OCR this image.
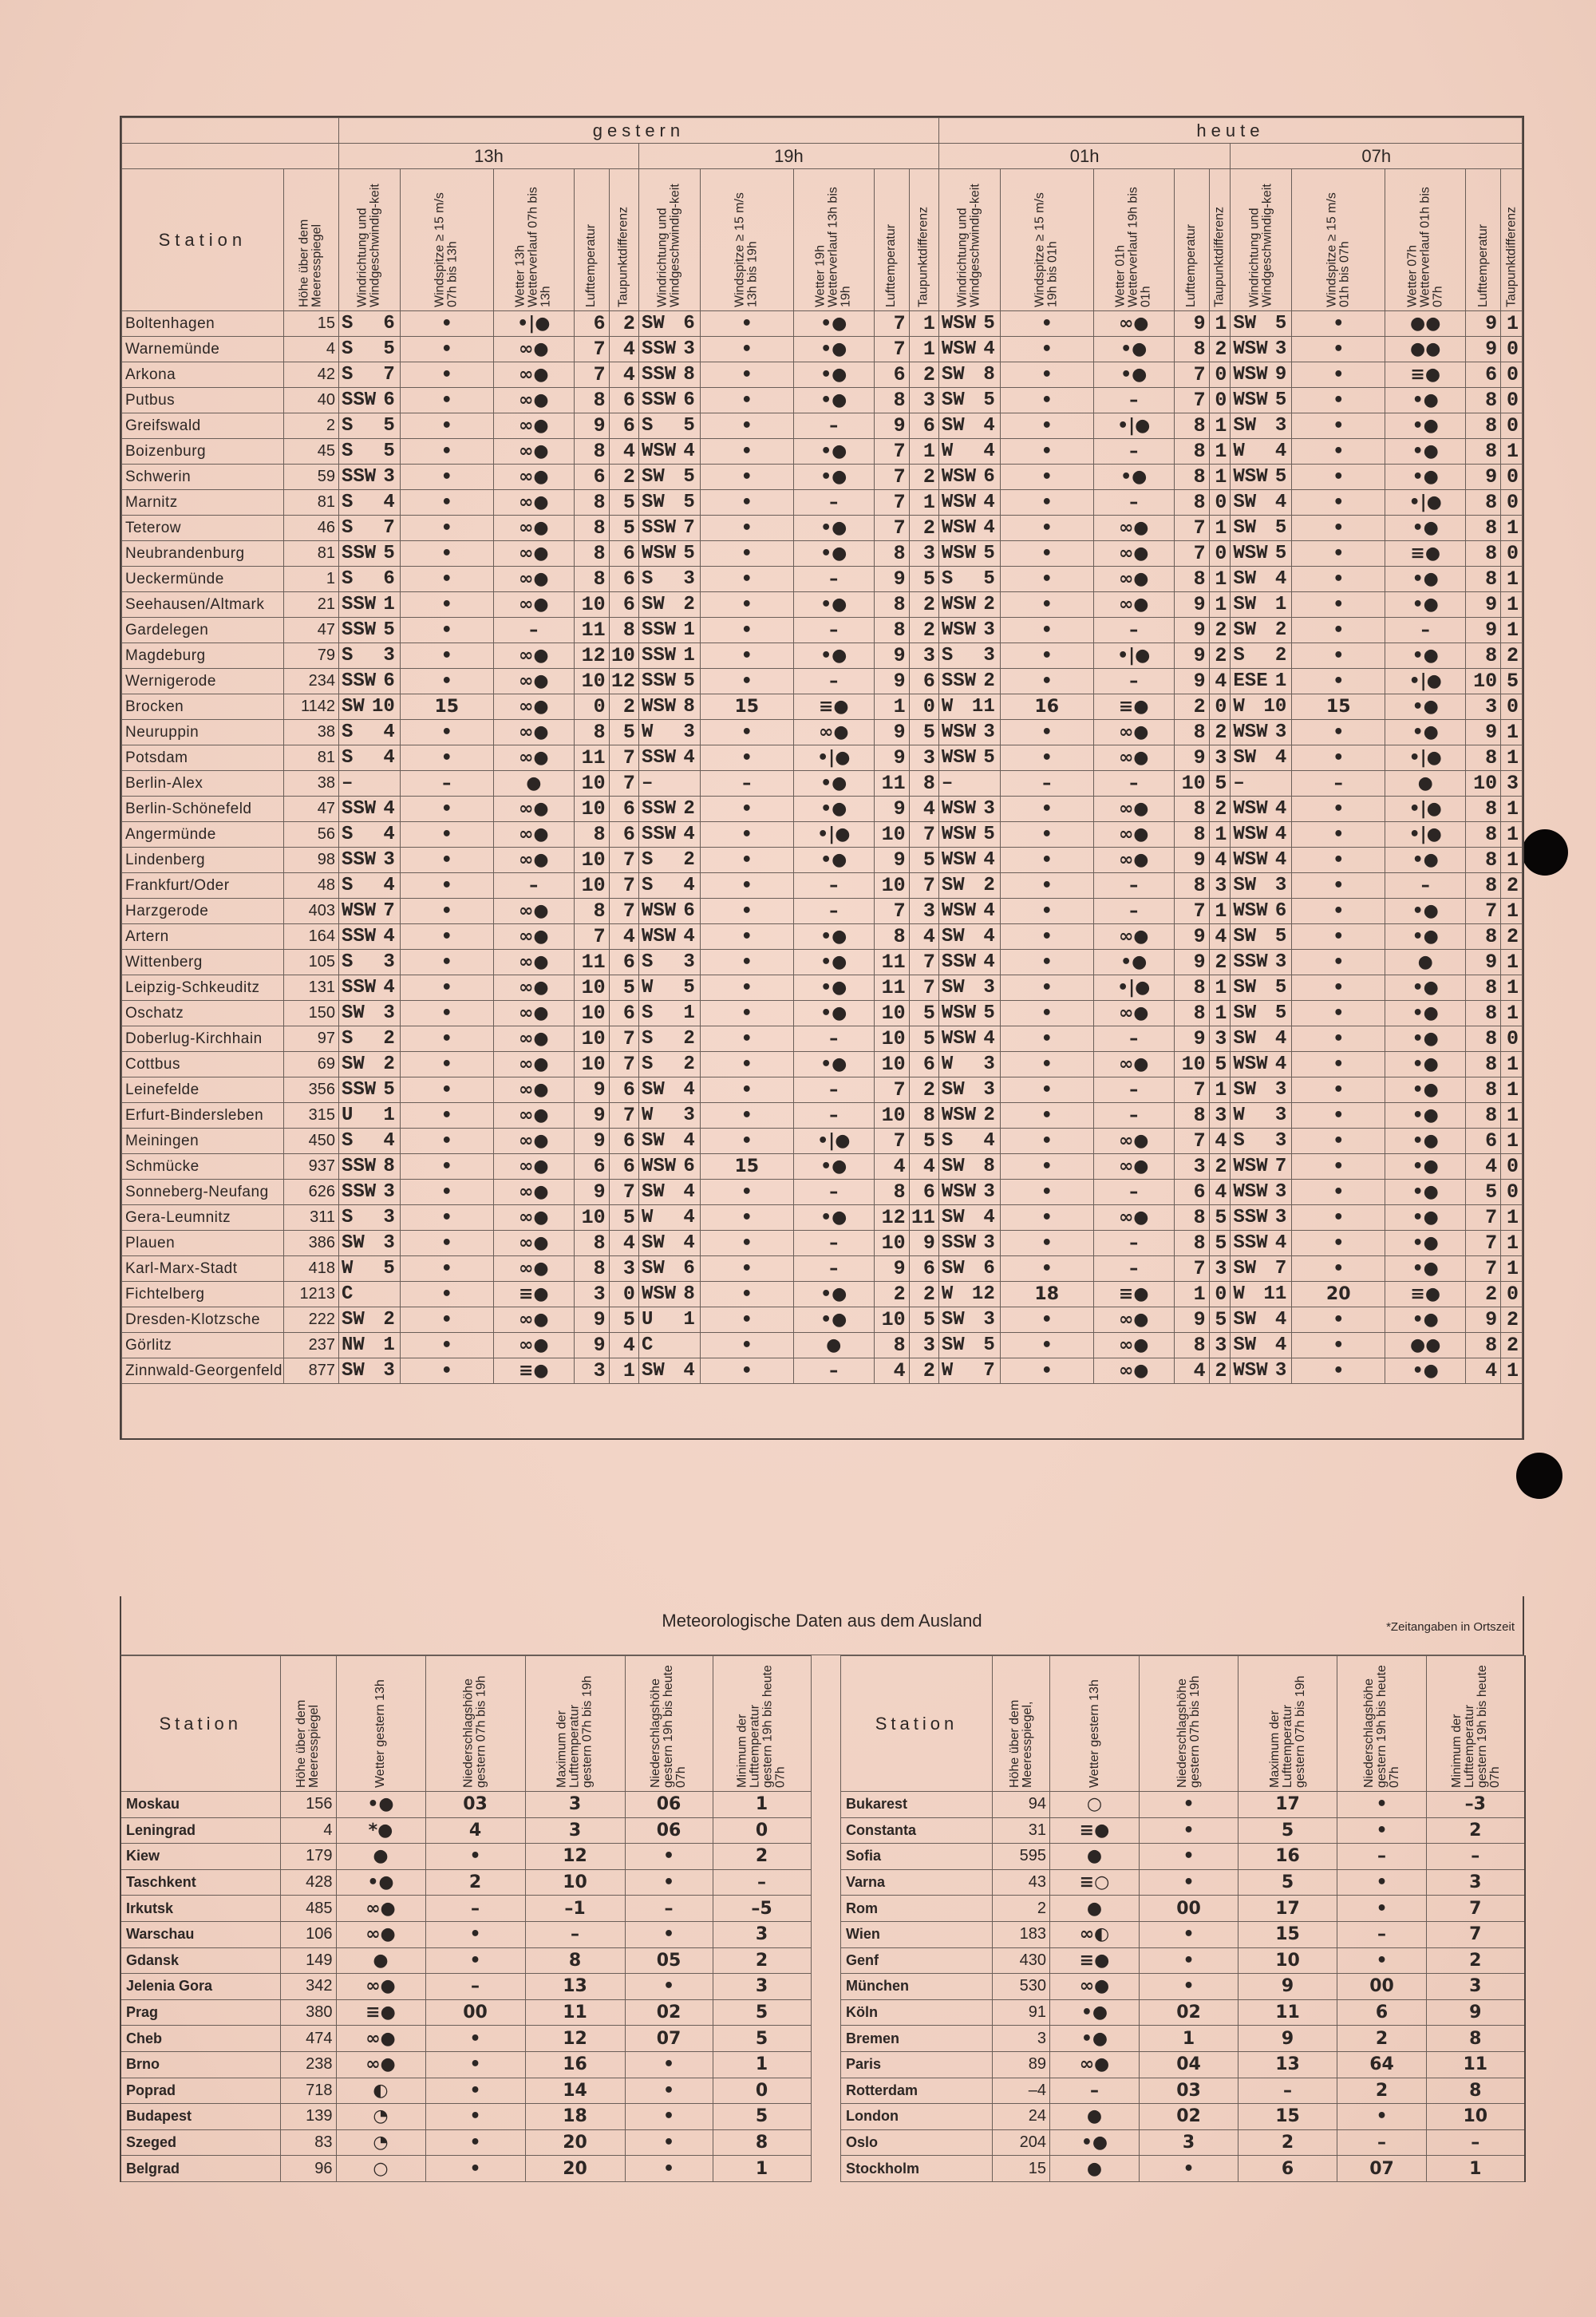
		gestern										heute									
		13h					19h					01h					07h				
Station	Höhe über dem Meeresspiegel	Windrichtung und Windgeschwindig-keit	Windspitze ≥ 15 m/s 07h bis 13h	Wetter 13h Wetterverlauf 07h bis 13h	Lufttemperatur	Taupunktdifferenz	Windrichtung und Windgeschwindig-keit	Windspitze ≥ 15 m/s 13h bis 19h	Wetter 19h Wetterverlauf 13h bis 19h	Lufttemperatur	Taupunktdifferenz	Windrichtung und Windgeschwindig-keit	Windspitze ≥ 15 m/s 19h bis 01h	Wetter 01h Wetterverlauf 19h bis 01h	Lufttemperatur	Taupunktdifferenz	Windrichtung und Windgeschwindig-keit	Windspitze ≥ 15 m/s 01h bis 07h	Wetter 07h Wetterverlauf 01h bis 07h	Lufttemperatur	Taupunktdifferenz
Boltenhagen	15	S 6	•	•|●	6	2	SW 6	•	•●	7	1	WSW 5	•	∞●	9	1	SW 5	•	●●	9	1
Warnemünde	4	S 5	•	∞●	7	4	SSW 3	•	•●	7	1	WSW 4	•	•●	8	2	WSW 3	•	●●	9	0
Arkona	42	S 7	•	∞●	7	4	SSW 8	•	•●	6	2	SW 8	•	•●	7	0	WSW 9	•	≡●	6	0
Putbus	40	SSW 6	•	∞●	8	6	SSW 6	•	•●	8	3	SW 5	•	–	7	0	WSW 5	•	•●	8	0
Greifswald	2	S 5	•	∞●	9	6	S 5	•	–	9	6	SW 4	•	•|●	8	1	SW 3	•	•●	8	0
Boizenburg	45	S 5	•	∞●	8	4	WSW 4	•	•●	7	1	W 4	•	–	8	1	W 4	•	•●	8	1
Schwerin	59	SSW 3	•	∞●	6	2	SW 5	•	•●	7	2	WSW 6	•	•●	8	1	WSW 5	•	•●	9	0
Marnitz	81	S 4	•	∞●	8	5	SW 5	•	–	7	1	WSW 4	•	–	8	0	SW 4	•	•|●	8	0
Teterow	46	S 7	•	∞●	8	5	SSW 7	•	•●	7	2	WSW 4	•	∞●	7	1	SW 5	•	•●	8	1
Neubrandenburg	81	SSW 5	•	∞●	8	6	WSW 5	•	•●	8	3	WSW 5	•	∞●	7	0	WSW 5	•	≡●	8	0
Ueckermünde	1	S 6	•	∞●	8	6	S 3	•	–	9	5	S 5	•	∞●	8	1	SW 4	•	•●	8	1
Seehausen/Altmark	21	SSW 1	•	∞●	10	6	SW 2	•	•●	8	2	WSW 2	•	∞●	9	1	SW 1	•	•●	9	1
Gardelegen	47	SSW 5	•	–	11	8	SSW 1	•	–	8	2	WSW 3	•	–	9	2	SW 2	•	–	9	1
Magdeburg	79	S 3	•	∞●	12	10	SSW 1	•	•●	9	3	S 3	•	•|●	9	2	S 2	•	•●	8	2
Wernigerode	234	SSW 6	•	∞●	10	12	SSW 5	•	–	9	6	SSW 2	•	–	9	4	ESE 1	•	•|●	10	5
Brocken	1142	SW 10	15	∞●	0	2	WSW 8	15	≡●	1	0	W 11	16	≡●	2	0	W 10	15	•●	3	0
Neuruppin	38	S 4	•	∞●	8	5	W 3	•	∞●	9	5	WSW 3	•	∞●	8	2	WSW 3	•	•●	9	1
Potsdam	81	S 4	•	∞●	11	7	SSW 4	•	•|●	9	3	WSW 5	•	∞●	9	3	SW 4	•	•|●	8	1
Berlin-Alex	38	–	–	●	10	7	–	–	•●	11	8	–	–	–	10	5	–	–	●	10	3
Berlin-Schönefeld	47	SSW 4	•	∞●	10	6	SSW 2	•	•●	9	4	WSW 3	•	∞●	8	2	WSW 4	•	•|●	8	1
Angermünde	56	S 4	•	∞●	8	6	SSW 4	•	•|●	10	7	WSW 5	•	∞●	8	1	WSW 4	•	•|●	8	1
Lindenberg	98	SSW 3	•	∞●	10	7	S 2	•	•●	9	5	WSW 4	•	∞●	9	4	WSW 4	•	•●	8	1
Frankfurt/Oder	48	S 4	•	–	10	7	S 4	•	–	10	7	SW 2	•	–	8	3	SW 3	•	–	8	2
Harzgerode	403	WSW 7	•	∞●	8	7	WSW 6	•	–	7	3	WSW 4	•	–	7	1	WSW 6	•	•●	7	1
Artern	164	SSW 4	•	∞●	7	4	WSW 4	•	•●	8	4	SW 4	•	∞●	9	4	SW 5	•	•●	8	2
Wittenberg	105	S 3	•	∞●	11	6	S 3	•	•●	11	7	SSW 4	•	•●	9	2	SSW 3	•	●	9	1
Leipzig-Schkeuditz	131	SSW 4	•	∞●	10	5	W 5	•	•●	11	7	SW 3	•	•|●	8	1	SW 5	•	•●	8	1
Oschatz	150	SW 3	•	∞●	10	6	S 1	•	•●	10	5	WSW 5	•	∞●	8	1	SW 5	•	•●	8	1
Doberlug-Kirchhain	97	S 2	•	∞●	10	7	S 2	•	–	10	5	WSW 4	•	–	9	3	SW 4	•	•●	8	0
Cottbus	69	SW 2	•	∞●	10	7	S 2	•	•●	10	6	W 3	•	∞●	10	5	WSW 4	•	•●	8	1
Leinefelde	356	SSW 5	•	∞●	9	6	SW 4	•	–	7	2	SW 3	•	–	7	1	SW 3	•	•●	8	1
Erfurt-Bindersleben	315	U 1	•	∞●	9	7	W 3	•	–	10	8	WSW 2	•	–	8	3	W 3	•	•●	8	1
Meiningen	450	S 4	•	∞●	9	6	SW 4	•	•|●	7	5	S 4	•	∞●	7	4	S 3	•	•●	6	1
Schmücke	937	SSW 8	•	∞●	6	6	WSW 6	15	•●	4	4	SW 8	•	∞●	3	2	WSW 7	•	•●	4	0
Sonneberg-Neufang	626	SSW 3	•	∞●	9	7	SW 4	•	–	8	6	WSW 3	•	–	6	4	WSW 3	•	•●	5	0
Gera-Leumnitz	311	S 3	•	∞●	10	5	W 4	•	•●	12	11	SW 4	•	∞●	8	5	SSW 3	•	•●	7	1
Plauen	386	SW 3	•	∞●	8	4	SW 4	•	–	10	9	SSW 3	•	–	8	5	SSW 4	•	•●	7	1
Karl-Marx-Stadt	418	W 5	•	∞●	8	3	SW 6	•	–	9	6	SW 6	•	–	7	3	SW 7	•	•●	7	1
Fichtelberg	1213	C	•	≡●	3	0	WSW 8	•	•●	2	2	W 12	18	≡●	1	0	W 11	20	≡●	2	0
Dresden-Klotzsche	222	SW 2	•	∞●	9	5	U 1	•	•●	10	5	SW 3	•	∞●	9	5	SW 4	•	•●	9	2
Görlitz	237	NW 1	•	∞●	9	4	C	•	●	8	3	SW 5	•	∞●	8	3	SW 4	•	●●	8	2
Zinnwald-Georgenfeld	877	SW 3	•	≡●	3	1	SW 4	•	–	4	2	W 7	•	∞●	4	2	WSW 3	•	•●	4	1

Meteorologische Daten aus dem Ausland	*Zeitangaben in Ortszeit
Station	Höhe über dem Meeresspiegel	Wetter gestern 13h	Niederschlagshöhe gestern 07h bis 19h	Maximum der Lufttemperatur gestern 07h bis 19h	Niederschlagshöhe gestern 19h bis heute 07h	Minimum der Lufttemperatur gestern 19h bis heute 07h
Moskau	156	•●	03	3	06	1
Leningrad	4	*●	4	3	06	0
Kiew	179	●	•	12	•	2
Taschkent	428	•●	2	10	•	–
Irkutsk	485	∞●	–	–1	–	–5
Warschau	106	∞●	•	–	•	3
Gdansk	149	●	•	8	05	2
Jelenia Gora	342	∞●	–	13	•	3
Prag	380	≡●	00	11	02	5
Cheb	474	∞●	•	12	07	5
Brno	238	∞●	•	16	•	1
Poprad	718	◐	•	14	•	0
Budapest	139	◔	•	18	•	5
Szeged	83	◔	•	20	•	8
Belgrad	96	○	•	20	•	1
Station	Höhe über dem Meeresspiegel,	Wetter gestern 13h	Niederschlagshöhe gestern 07h bis 19h	Maximum der Lufttemperatur gestern 07h bis 19h	Niederschlagshöhe gestern 19h bis heute 07h	Minimum der Lufttemperatur gestern 19h bis heute 07h
Bukarest	94	○	•	17	•	–3
Constanta	31	≡●	•	5	•	2
Sofia	595	●	•	16	–	–
Varna	43	≡○	•	5	•	3
Rom	2	●	00	17	•	7
Wien	183	∞◐	•	15	–	7
Genf	430	≡●	•	10	•	2
München	530	∞●	•	9	00	3
Köln	91	•●	02	11	6	9
Bremen	3	•●	1	9	2	8
Paris	89	∞●	04	13	64	11
Rotterdam	–4	–	03	–	2	8
London	24	●	02	15	•	10
Oslo	204	•●	3	2	–	–
Stockholm	15	●	•	6	07	1
